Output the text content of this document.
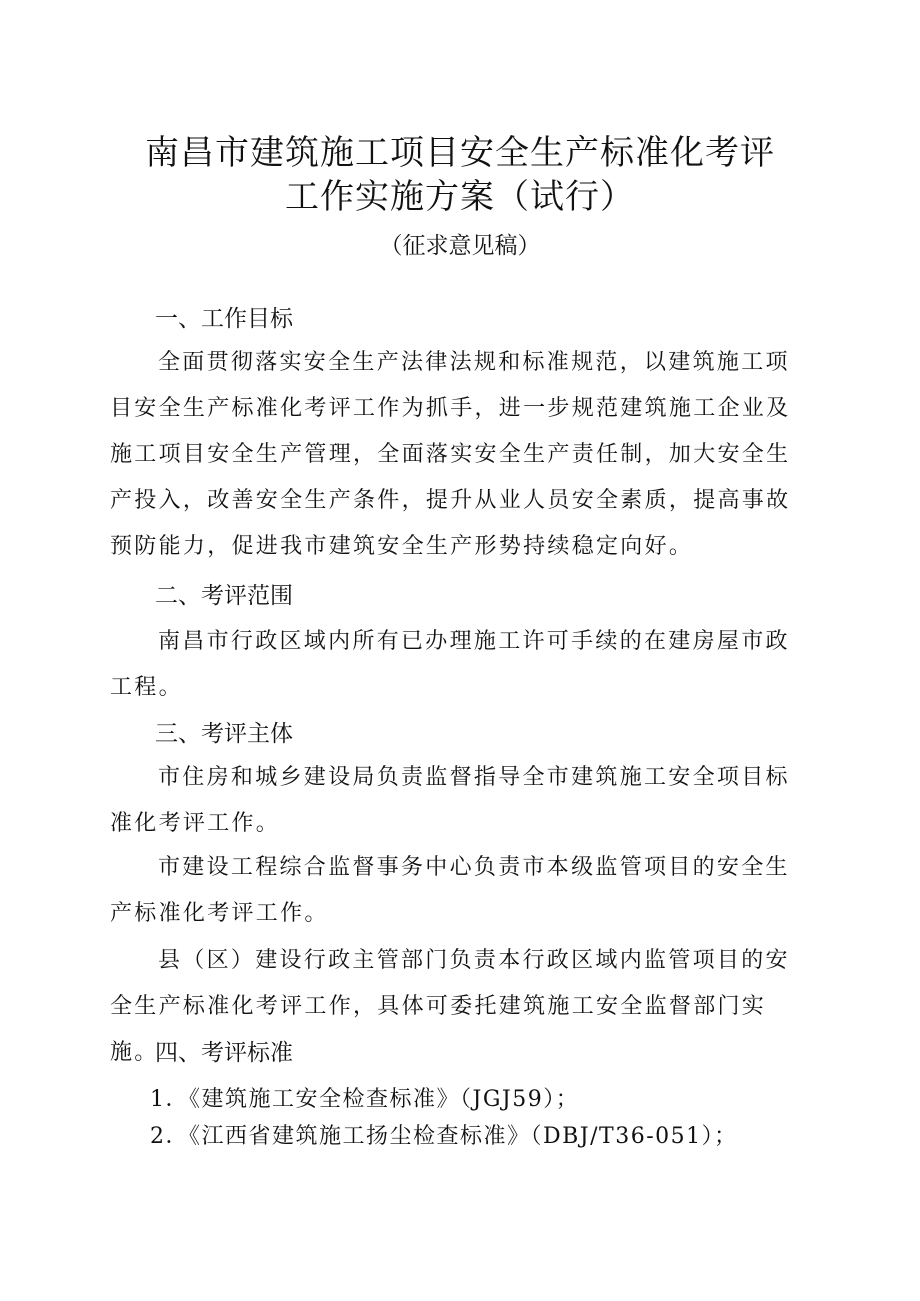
南昌市建筑施工项目安全生产标准化考评
工作实施方案（试行）
（征求意见稿）
一、工作目标

全面贯彻落实安全生产法律法规和标准规范，以建筑施工项目安全生产标准化考评工作为抓手，进一步规范建筑施工企业及施工项目安全生产管理，全面落实安全生产责任制，加大安全生产投入，改善安全生产条件，提升从业人员安全素质，提高事故预防能力，促进我市建筑安全生产形势持续稳定向好。

二、考评范围

南昌市行政区域内所有已办理施工许可手续的在建房屋市政工程。

三、考评主体

市住房和城乡建设局负责监督指导全市建筑施工安全项目标准化考评工作。

市建设工程综合监督事务中心负责市本级监管项目的安全生产标准化考评工作。

县（区）建设行政主管部门负责本行政区域内监管项目的安全生产标准化考评工作，具体可委托建筑施工安全监督部门实施。

四、考评标准
1．《建筑施工安全检查标准》（JGJ59）；
2．《江西省建筑施工扬尘检查标准》（DBJ/T36-051）；
